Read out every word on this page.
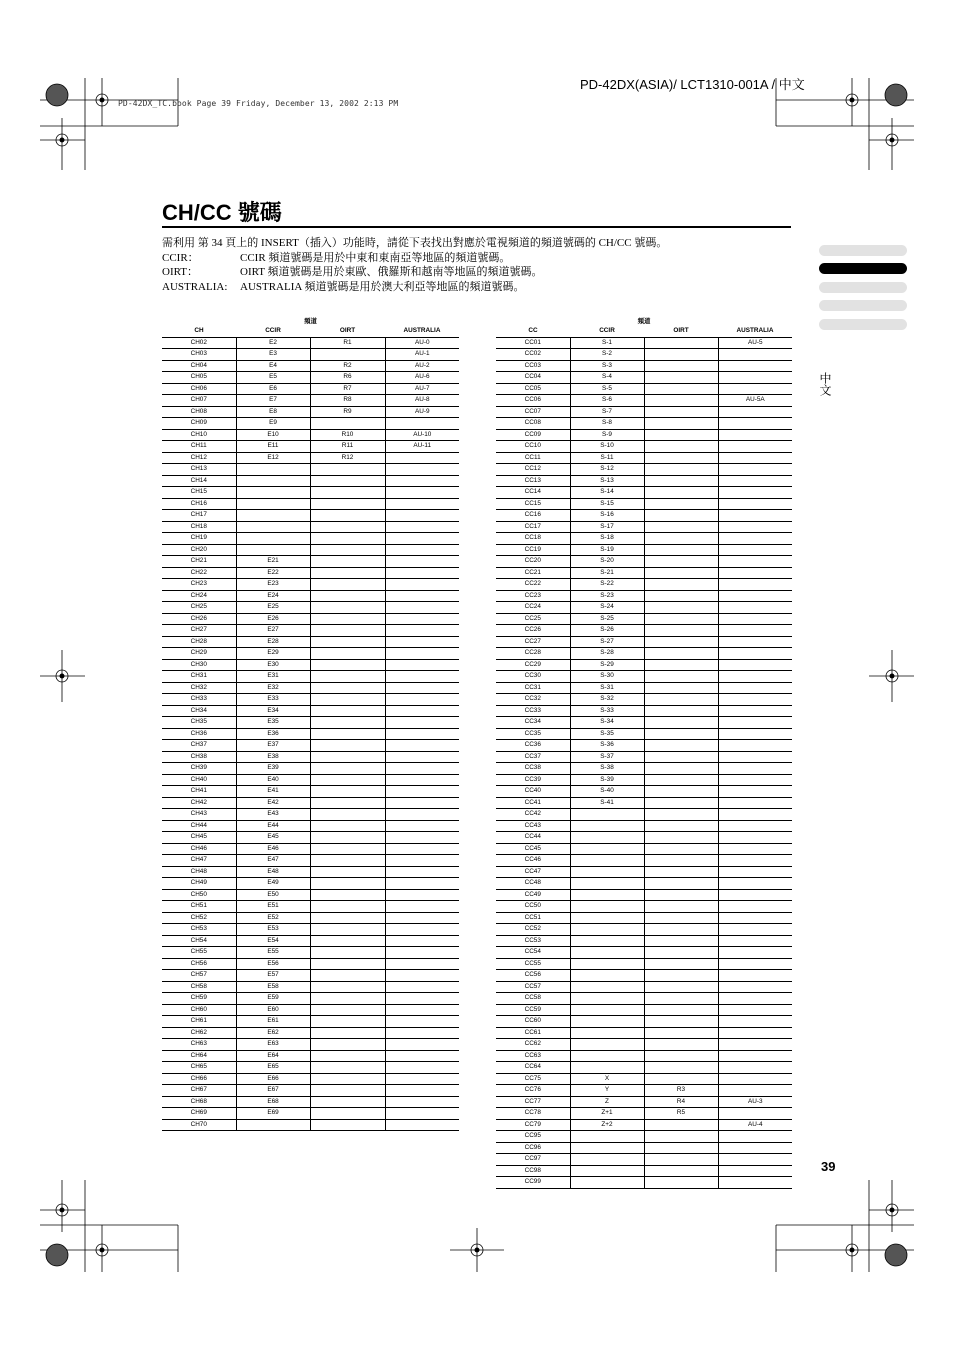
PD-42DX(ASIA)/ LCT1310-001A / 中文
PD-42DX_TC.book Page 39 Friday, December 13, 2002 2:13 PM
CH/CC 號碼
需利用 第 34 頁上的 INSERT（插入）功能時，請從下表找出對應於電視頻道的頻道號碼的 CH/CC 號碼。
CCIR：	CCIR 頻道號碼是用於中東和東南亞等地區的頻道號碼。
OIRT：	OIRT 頻道號碼是用於東歐、俄羅斯和越南等地區的頻道號碼。
AUSTRALIA: AUSTRALIA 頻道號碼是用於澳大利亞等地區的頻道號碼。
中文
	頻道		
CH	CCIR	OIRT	AUSTRALIA
CH02	E2	R1	AU-0
CH03	E3		AU-1
CH04	E4	R2	AU-2
CH05	E5	R6	AU-6
CH06	E6	R7	AU-7
CH07	E7	R8	AU-8
CH08	E8	R9	AU-9
CH09	E9		
CH10	E10	R10	AU-10
CH11	E11	R11	AU-11
CH12	E12	R12	
CH13			
CH14			
CH15			
CH16			
CH17			
CH18			
CH19			
CH20			
CH21	E21		
CH22	E22		
CH23	E23		
CH24	E24		
CH25	E25		
CH26	E26		
CH27	E27		
CH28	E28		
CH29	E29		
CH30	E30		
CH31	E31		
CH32	E32		
CH33	E33		
CH34	E34		
CH35	E35		
CH36	E36		
CH37	E37		
CH38	E38		
CH39	E39		
CH40	E40		
CH41	E41		
CH42	E42		
CH43	E43		
CH44	E44		
CH45	E45		
CH46	E46		
CH47	E47		
CH48	E48		
CH49	E49		
CH50	E50		
CH51	E51		
CH52	E52		
CH53	E53		
CH54	E54		
CH55	E55		
CH56	E56		
CH57	E57		
CH58	E58		
CH59	E59		
CH60	E60		
CH61	E61		
CH62	E62		
CH63	E63		
CH64	E64		
CH65	E65		
CH66	E66		
CH67	E67		
CH68	E68		
CH69	E69		
CH70			
	頻道		
CC	CCIR	OIRT	AUSTRALIA
CC01	S-1		AU-5
CC02	S-2		
CC03	S-3		
CC04	S-4		
CC05	S-5		
CC06	S-6		AU-5A
CC07	S-7		
CC08	S-8		
CC09	S-9		
CC10	S-10		
CC11	S-11		
CC12	S-12		
CC13	S-13		
CC14	S-14		
CC15	S-15		
CC16	S-16		
CC17	S-17		
CC18	S-18		
CC19	S-19		
CC20	S-20		
CC21	S-21		
CC22	S-22		
CC23	S-23		
CC24	S-24		
CC25	S-25		
CC26	S-26		
CC27	S-27		
CC28	S-28		
CC29	S-29		
CC30	S-30		
CC31	S-31		
CC32	S-32		
CC33	S-33		
CC34	S-34		
CC35	S-35		
CC36	S-36		
CC37	S-37		
CC38	S-38		
CC39	S-39		
CC40	S-40		
CC41	S-41		
CC42			
CC43			
CC44			
CC45			
CC46			
CC47			
CC48			
CC49			
CC50			
CC51			
CC52			
CC53			
CC54			
CC55			
CC56			
CC57			
CC58			
CC59			
CC60			
CC61			
CC62			
CC63			
CC64			
CC75	X		
CC76	Y	R3	
CC77	Z	R4	AU-3
CC78	Z+1	R5	
CC79	Z+2		AU-4
CC95			
CC96			
CC97			
CC98			
CC99			
39
